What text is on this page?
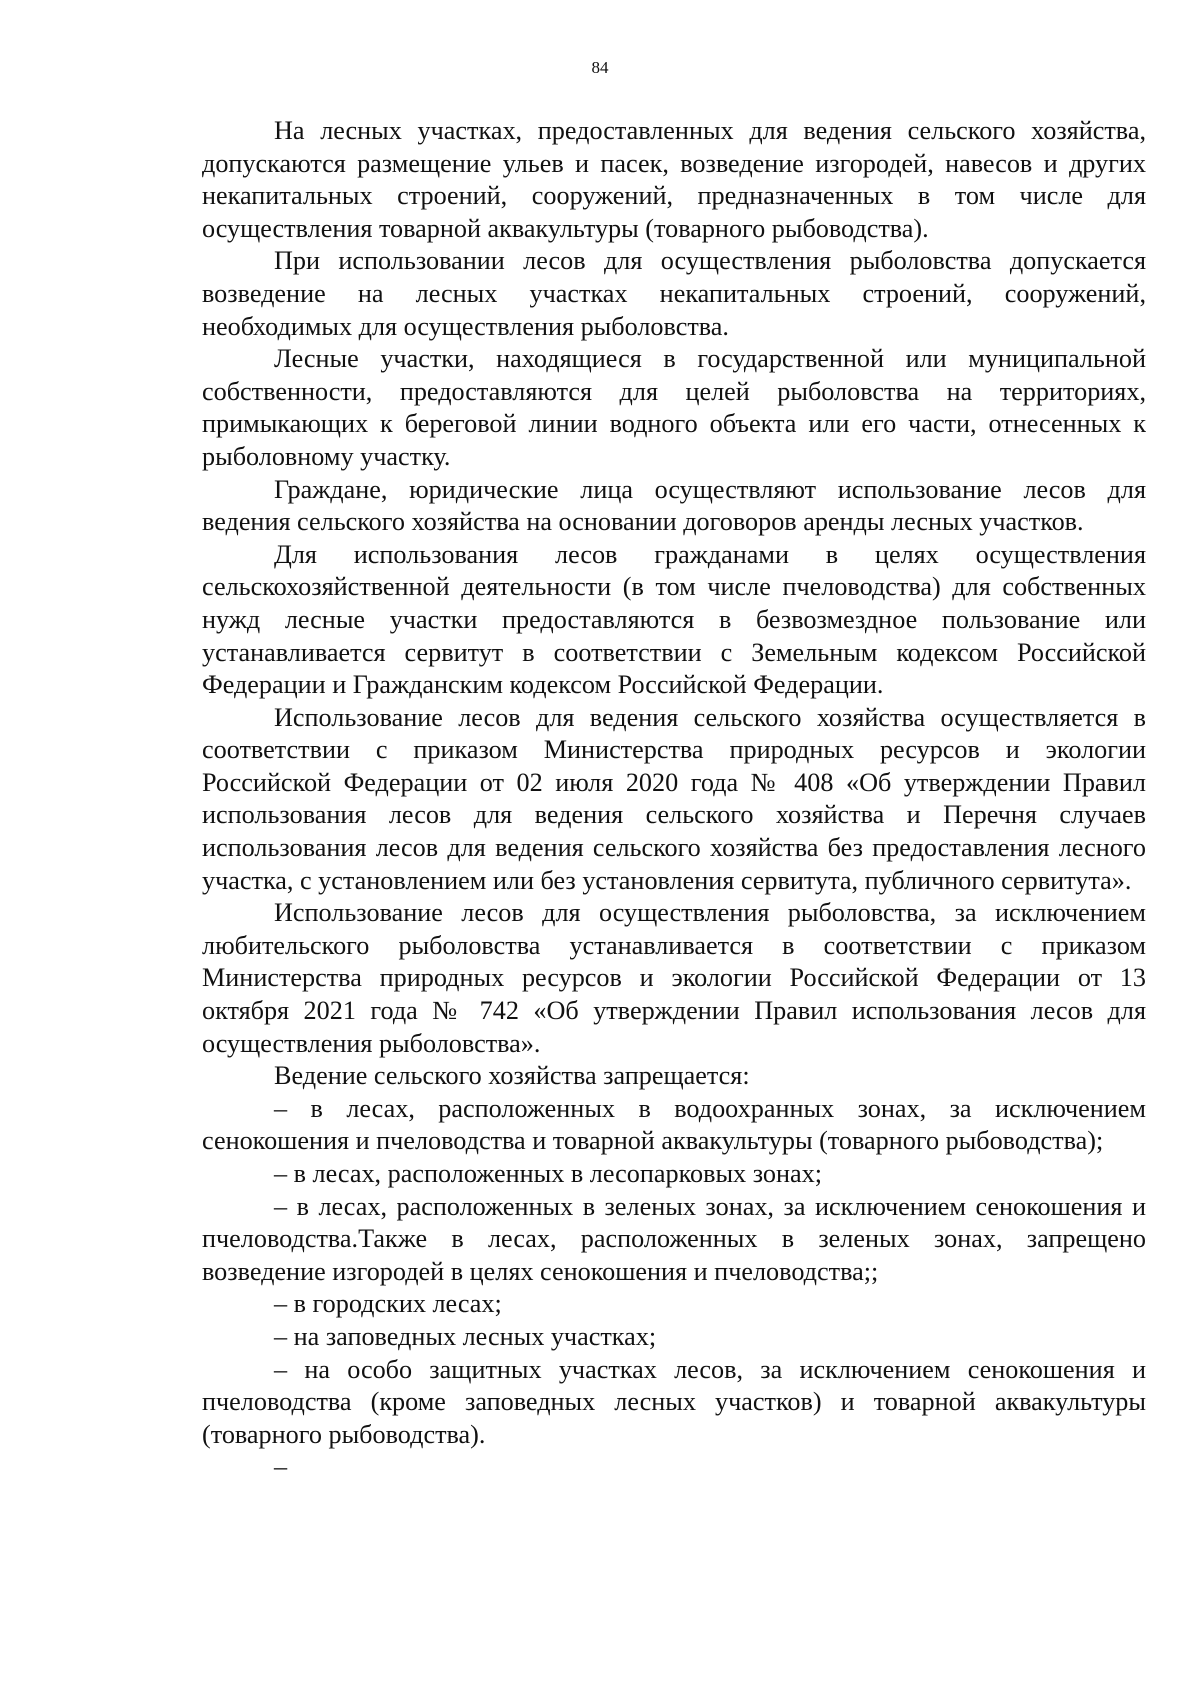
84

На лесных участках, предоставленных для ведения сельского хозяйства, допускаются размещение ульев и пасек, возведение изгородей, навесов и других некапитальных строений, сооружений, предназначенных в том числе для осуществления товарной аквакультуры (товарного рыбоводства).

При использовании лесов для осуществления рыболовства допускается возведение на лесных участках некапитальных строений, сооружений, необходимых для осуществления рыболовства.

Лесные участки, находящиеся в государственной или муниципальной собственности, предоставляются для целей рыболовства на территориях, примыкающих к береговой линии водного объекта или его части, отнесенных к рыболовному участку.

Граждане, юридические лица осуществляют использование лесов для ведения сельского хозяйства на основании договоров аренды лесных участков.

Для использования лесов гражданами в целях осуществления сельскохозяйственной деятельности (в том числе пчеловодства) для собственных нужд лесные участки предоставляются в безвозмездное пользование или устанавливается сервитут в соответствии с Земельным кодексом Российской Федерации и Гражданским кодексом Российской Федерации.

Использование лесов для ведения сельского хозяйства осуществляется в соответствии с приказом Министерства природных ресурсов и экологии Российской Федерации от 02 июля 2020 года № 408 «Об утверждении Правил использования лесов для ведения сельского хозяйства и Перечня случаев использования лесов для ведения сельского хозяйства без предоставления лесного участка, с установлением или без установления сервитута, публичного сервитута».

Использование лесов для осуществления рыболовства, за исключением любительского рыболовства устанавливается в соответствии с приказом Министерства природных ресурсов и экологии Российской Федерации от 13 октября 2021 года № 742 «Об утверждении Правил использования лесов для осуществления рыболовства».

Ведение сельского хозяйства запрещается:

– в лесах, расположенных в водоохранных зонах, за исключением сенокошения и пчеловодства и товарной аквакультуры (товарного рыбоводства);

– в лесах, расположенных в лесопарковых зонах;

– в лесах, расположенных в зеленых зонах, за исключением сенокошения и пчеловодства.Также в лесах, расположенных в зеленых зонах, запрещено возведение изгородей в целях сенокошения и пчеловодства;;

– в городских лесах;

– на заповедных лесных участках;

– на особо защитных участках лесов, за исключением сенокошения и пчеловодства (кроме заповедных лесных участков) и товарной аквакультуры (товарного рыбоводства).

–
